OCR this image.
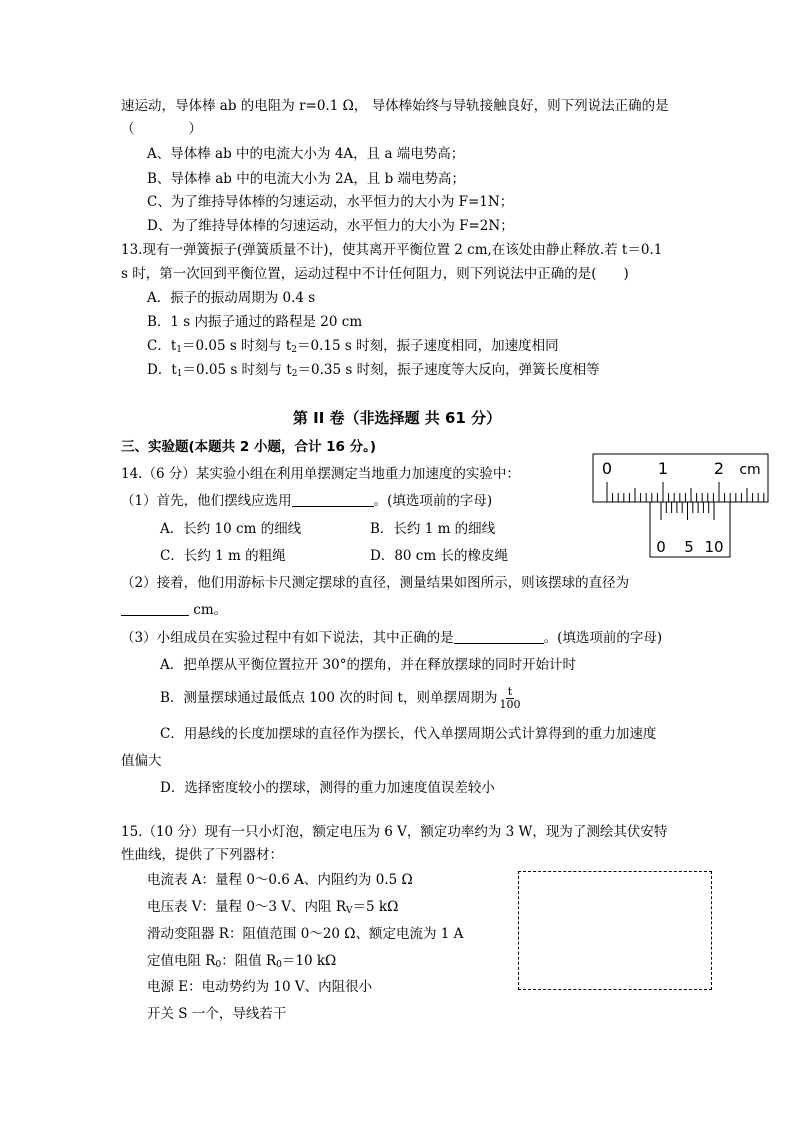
速运动，导体棒 ab 的电阻为 r=0.1 Ω， 导体棒始终与导轨接触良好，则下列说法正确的是
（　　　　）
A、导体棒 ab 中的电流大小为 4A，且 a 端电势高；
B、导体棒 ab 中的电流大小为 2A，且 b 端电势高；
C、为了维持导体棒的匀速运动，水平恒力的大小为 F=1N；
D、为了维持导体棒的匀速运动，水平恒力的大小为 F=2N；
13.现有一弹簧振子(弹簧质量不计)，使其离开平衡位置 2 cm,在该处由静止释放.若 t＝0.1
s 时，第一次回到平衡位置，运动过程中不计任何阻力，则下列说法中正确的是(　　)
A．振子的振动周期为 0.4 s
B．1 s 内振子通过的路程是 20 cm
C．$t_1=0.05$ s 时刻与 $t_2=0.15$ s 时刻，振子速度相同，加速度相同
D．$t_1=0.05$ s 时刻与 $t_2=0.35$ s 时刻，振子速度等大反向，弹簧长度相等
第 II 卷（非选择题 共 61 分）
三、实验题(本题共 2 小题，合计 16 分。)
14.（6 分）某实验小组在利用单摆测定当地重力加速度的实验中：
（1）首先，他们摆线应选用	。(填选项前的字母)
A．长约 10 cm 的细线	B．长约 1 m 的细线
C．长约 1 m 的粗绳	D．80 cm 长的橡皮绳
（2）接着，他们用游标卡尺测定摆球的直径，测量结果如图所示，则该摆球的直径为
cm。
（3）小组成员在实验过程中有如下说法，其中正确的是	。(填选项前的字母)
A．把单摆从平衡位置拉开 30°的摆角，并在释放摆球的同时开始计时
B．测量摆球通过最低点 100 次的时间 t，则单摆周期为 $\frac{t}{100}$
C．用悬线的长度加摆球的直径作为摆长，代入单摆周期公式计算得到的重力加速度
值偏大
D．选择密度较小的摆球，测得的重力加速度值误差较小
0	1	2 cm
0 5 10
15.（10 分）现有一只小灯泡，额定电压为 6 V，额定功率约为 3 W，现为了测绘其伏安特
性曲线，提供了下列器材：
电流表 A：量程 0～0.6 A、内阻约为 0.5 Ω
电压表 V：量程 0～3 V、内阻 $R_V=5$ kΩ
滑动变阻器 R：阻值范围 0～20 Ω、额定电流为 1 A
定值电阻 $R_0$：阻值 $R_0=10$ kΩ
电源 E：电动势约为 10 V、内阻很小
开关 S 一个，导线若干
